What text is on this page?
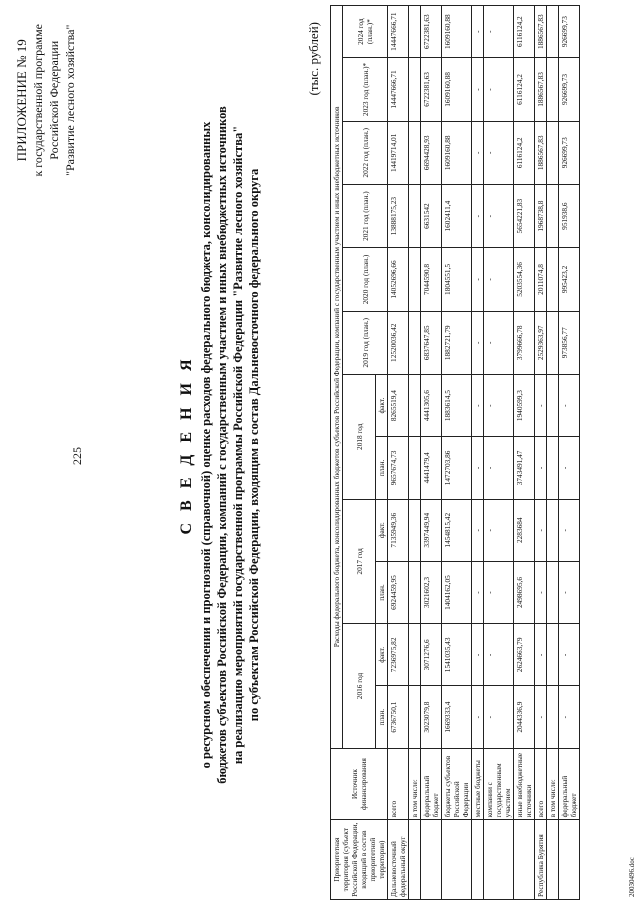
225
ПРИЛОЖЕНИЕ № 19 к государственной программе Российской Федерации "Развитие лесного хозяйства"
С В Е Д Е Н И Я о ресурсном обеспечении и прогнозной (справочной) оценке расходов федерального бюджета, консолидированных бюджетов субъектов Российской Федерации, компаний с государственным участием и иных внебюджетных источников на реализацию мероприятий государственной программы Российской Федерации "Развитие лесного хозяйства" по субъектам Российской Федерации, входящим в состав Дальневосточного федерального округа
(тыс. рублей)
Приоритетная территория (субъект Российской Федерации, входящий в состав приоритетной территории)	Источник финансирования	Расходы федерального бюджета, консолидированных бюджетов субъектов Российской Федерации, компаний с государственным участием и иных внебюджетных источников											
		2016 год		2017 год		2018 год		2019 год (план.)	2020 год (план.)	2021 год (план.)	2022 год (план.)	2023 год (план.)*	2024 год (план.)*
		план.	факт.	план.	факт.	план.	факт.						
Дальневосточный федеральный округ	всего	6736750,1	7236975,82	6924459,95	7135949,36	9657674,73	8265519,4	12520036,42	14052696,66	13888175,23	14419714,01	14447666,71	14447666,71
	в том числе:												
	федеральный бюджет	3023079,8	3071276,6	3021602,3	3397449,94	4441479,4	4441305,6	6837647,85	7044590,8	6631542	6694428,93	6722381,63	6722381,63
	бюджеты субъектов Российской Федерации	1669333,4	1541035,43	1404162,05	1454815,42	1472703,86	1883614,5	1882721,79	1804551,5	1602411,4	1609160,88	1609160,88	1609160,88
	местные бюджеты	-	-	-	-	-	-	-	-	-	-	-	-
	компании с государственным участием	-	-	-	-	-	-	-	-	-	-	-	-
	иные внебюджетные источники	2044336,9	2624663,79	2498695,6	2283684	3743491,47	1940599,3	3799666,78	5203554,36	5654221,83	6116124,2	6116124,2	6116124,2
Республика Бурятия	всего	-	-	-	-	-	-	2529363,97	2011074,8	1968738,8	1886567,83	1886567,83	1886567,83
	в том числе:												
	федеральный бюджет	-	-	-	-	-	-	973856,77	995423,2	951938,6	926699,73	926699,73	926699,73
20030496.doc
